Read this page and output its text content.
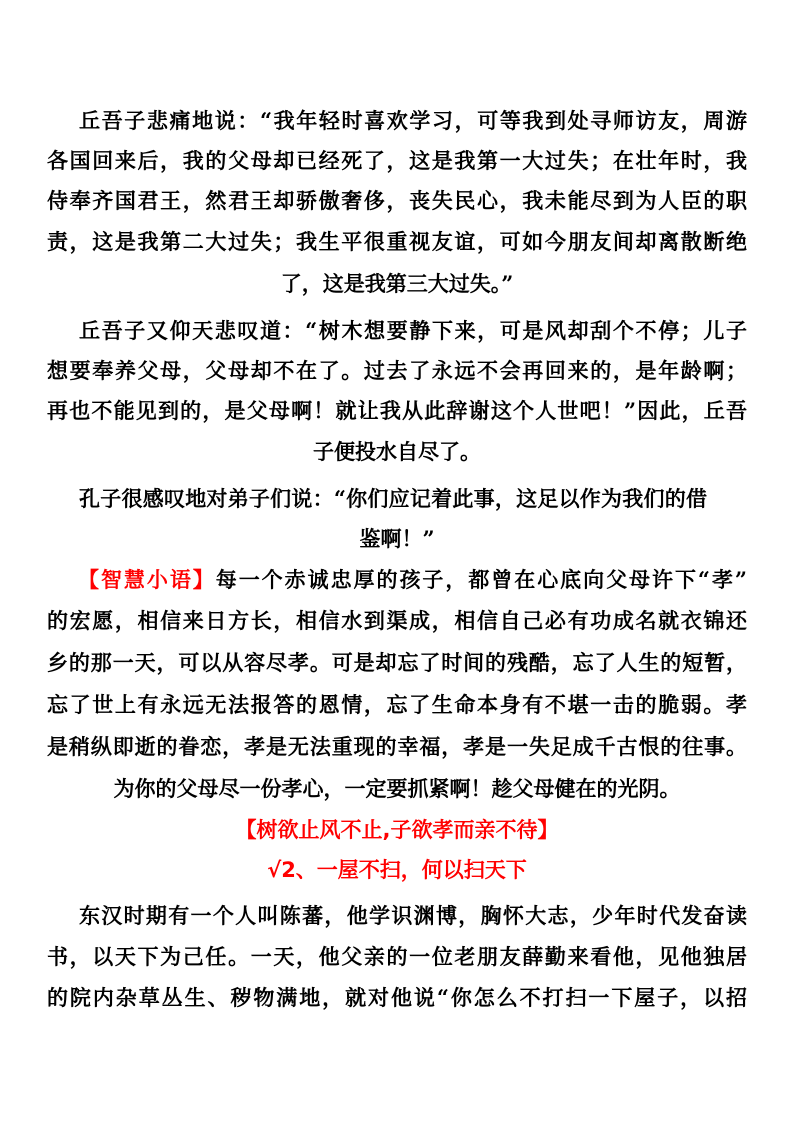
丘吾子悲痛地说：“我年轻时喜欢学习，可等我到处寻师访友，周游
各国回来后，我的父母却已经死了，这是我第一大过失；在壮年时，我
侍奉齐国君王，然君王却骄傲奢侈，丧失民心，我未能尽到为人臣的职
责，这是我第二大过失；我生平很重视友谊，可如今朋友间却离散断绝
了，这是我第三大过失。”
丘吾子又仰天悲叹道：“树木想要静下来，可是风却刮个不停；儿子
想要奉养父母，父母却不在了。过去了永远不会再回来的，是年龄啊；
再也不能见到的，是父母啊！就让我从此辞谢这个人世吧！”因此，丘吾
子便投水自尽了。
孔子很感叹地对弟子们说：“你们应记着此事，这足以作为我们的借
鉴啊！”
【智慧小语】每一个赤诚忠厚的孩子，都曾在心底向父母许下“孝”
的宏愿，相信来日方长，相信水到渠成，相信自己必有功成名就衣锦还
乡的那一天，可以从容尽孝。可是却忘了时间的残酷，忘了人生的短暂，
忘了世上有永远无法报答的恩情，忘了生命本身有不堪一击的脆弱。孝
是稍纵即逝的眷恋，孝是无法重现的幸福，孝是一失足成千古恨的往事。
为你的父母尽一份孝心，一定要抓紧啊！趁父母健在的光阴。
【树欲止风不止,子欲孝而亲不待】
√2、一屋不扫，何以扫天下
东汉时期有一个人叫陈蕃，他学识渊博，胸怀大志，少年时代发奋读
书，以天下为己任。一天，他父亲的一位老朋友薛勤来看他，见他独居
的院内杂草丛生、秽物满地，就对他说“你怎么不打扫一下屋子，以招
